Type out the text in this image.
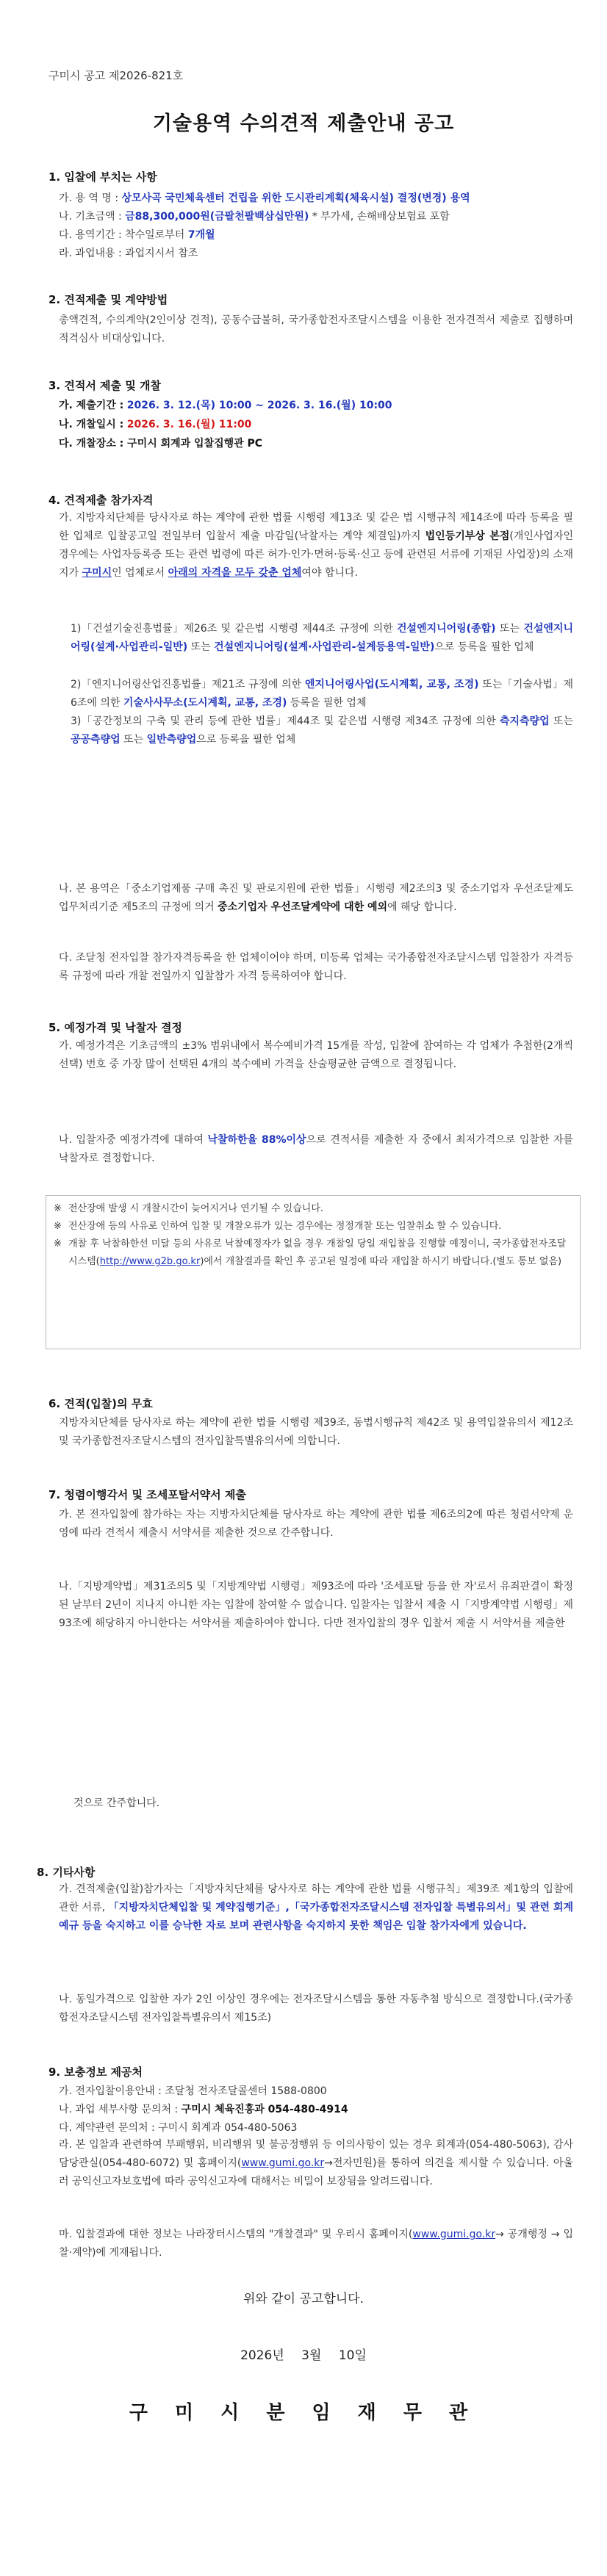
구미시 공고 제2026-821호
기술용역 수의견적 제출안내 공고
1. 입찰에 부치는 사항
가. 용 역 명 : 상모사곡 국민체육센터 건립을 위한 도시관리계획(체육시설) 결정(변경) 용역
나. 기초금액 : 금88,300,000원(금팔천팔백삼십만원) * 부가세, 손해배상보험료 포함
다. 용역기간 : 착수일로부터 7개월
라. 과업내용 : 과업지시서 참조
2. 견적제출 및 계약방법
총액견적, 수의계약(2인이상 견적), 공동수급불허, 국가종합전자조달시스템을 이용한 전자견적서 제출로 집행하며 적격심사 비대상입니다.
3. 견적서 제출 및 개찰
가. 제출기간 : 2026. 3. 12.(목) 10:00 ~ 2026. 3. 16.(월) 10:00
나. 개찰일시 : 2026. 3. 16.(월) 11:00
다. 개찰장소 : 구미시 회계과 입찰집행관 PC
4. 견적제출 참가자격
가. 지방자치단체를 당사자로 하는 계약에 관한 법률 시행령 제13조 및 같은 법 시행규칙 제14조에 따라 등록을 필한 업체로 입찰공고일 전일부터 입찰서 제출 마감일(낙찰자는 계약 체결일)까지 법인등기부상 본점(개인사업자인 경우에는 사업자등록증 또는 관련 법령에 따른 허가·인가·면허·등록·신고 등에 관련된 서류에 기재된 사업장)의 소재지가 구미시인 업체로서 아래의 자격을 모두 갖춘 업체여야 합니다.
1)「건설기술진흥법률」제26조 및 같은법 시행령 제44조 규정에 의한 건설엔지니어링(종합) 또는 건설엔지니어링(설계·사업관리-일반) 또는 건설엔지니어링(설계·사업관리-설계등용역-일반)으로 등록을 필한 업체
2)「엔지니어링산업진흥법률」제21조 규정에 의한 엔지니어링사업(도시계획, 교통, 조경) 또는「기술사법」제6조에 의한 기술사사무소(도시계획, 교통, 조경) 등록을 필한 업체
3)「공간정보의 구축 및 관리 등에 관한 법률」제44조 및 같은법 시행령 제34조 규정에 의한 측지측량업 또는 공공측량업 또는 일반측량업으로 등록을 필한 업체
나. 본 용역은「중소기업제품 구매 촉진 및 판로지원에 관한 법률」시행령 제2조의3 및 중소기업자 우선조달제도 업무처리기준 제5조의 규정에 의거 중소기업자 우선조달계약에 대한 예외에 해당 합니다.
다. 조달청 전자입찰 참가자격등록을 한 업체이어야 하며, 미등록 업체는 국가종합전자조달시스템 입찰참가 자격등록 규정에 따라 개찰 전일까지 입찰참가 자격 등록하여야 합니다.
5. 예정가격 및 낙찰자 결정
가. 예정가격은 기초금액의 ±3% 범위내에서 복수예비가격 15개를 작성, 입찰에 참여하는 각 업체가 추첨한(2개씩 선택) 번호 중 가장 많이 선택된 4개의 복수예비 가격을 산술평균한 금액으로 결정됩니다.
나. 입찰자중 예정가격에 대하여 낙찰하한율 88%이상으로 견적서를 제출한 자 중에서 최저가격으로 입찰한 자를 낙찰자로 결정합니다.
※ 전산장애 발생 시 개찰시간이 늦어지거나 연기될 수 있습니다.
※ 전산장애 등의 사유로 인하여 입찰 및 개찰오류가 있는 경우에는 정정개찰 또는 입찰취소 할 수 있습니다.
※ 개찰 후 낙찰하한선 미달 등의 사유로 낙찰예정자가 없을 경우 개찰일 당일 재입찰을 진행할 예정이니, 국가종합전자조달시스템(http://www.g2b.go.kr)에서 개찰결과를 확인 후 공고된 일정에 따라 재입찰 하시기 바랍니다.(별도 통보 없음)
6. 견적(입찰)의 무효
지방자치단체를 당사자로 하는 계약에 관한 법률 시행령 제39조, 동법시행규칙 제42조 및 용역입찰유의서 제12조 및 국가종합전자조달시스템의 전자입찰특별유의서에 의합니다.
7. 청렴이행각서 및 조세포탈서약서 제출
가. 본 전자입찰에 참가하는 자는 지방자치단체를 당사자로 하는 계약에 관한 법률 제6조의2에 따른 청렴서약제 운영에 따라 견적서 제출시 서약서를 제출한 것으로 간주합니다.
나.「지방계약법」제31조의5 및「지방계약법 시행령」제93조에 따라 '조세포탈 등을 한 자'로서 유죄판결이 확정된 날부터 2년이 지나지 아니한 자는 입찰에 참여할 수 없습니다. 입찰자는 입찰서 제출 시「지방계약법 시행령」제93조에 해당하지 아니한다는 서약서를 제출하여야 합니다. 다만 전자입찰의 경우 입찰서 제출 시 서약서를 제출한
것으로 간주합니다.
8. 기타사항
가. 견적제출(입찰)참가자는「지방자치단체를 당사자로 하는 계약에 관한 법률 시행규칙」제39조 제1항의 입찰에 관한 서류, 「지방자치단체입찰 및 계약집행기준」,「국가종합전자조달시스템 전자입찰 특별유의서」및 관련 회계예규 등을 숙지하고 이를 승낙한 자로 보며 관련사항을 숙지하지 못한 책임은 입찰 참가자에게 있습니다.
나. 동일가격으로 입찰한 자가 2인 이상인 경우에는 전자조달시스템을 통한 자동추첨 방식으로 결정합니다.(국가종합전자조달시스템 전자입찰특별유의서 제15조)
9. 보충정보 제공처
가. 전자입찰이용안내 : 조달청 전자조달콜센터 1588-0800
나. 과업 세부사항 문의처 : 구미시 체육진흥과 054-480-4914
다. 계약관련 문의처 : 구미시 회계과 054-480-5063
라. 본 입찰과 관련하여 부패행위, 비리행위 및 불공정행위 등 이의사항이 있는 경우 회계과(054-480-5063), 감사담당관실(054-480-6072) 및 홈페이지(www.gumi.go.kr→전자민원)를 통하여 의견을 제시할 수 있습니다. 아울러 공익신고자보호법에 따라 공익신고자에 대해서는 비밀이 보장됨을 알려드립니다.
마. 입찰결과에 대한 정보는 나라장터시스템의 "개찰결과" 및 우리시 홈페이지(www.gumi.go.kr→ 공개행정 → 입찰·계약)에 게재됩니다.
위와 같이 공고합니다.
2026년 3월 10일
구 미 시 분 임 재 무 관
